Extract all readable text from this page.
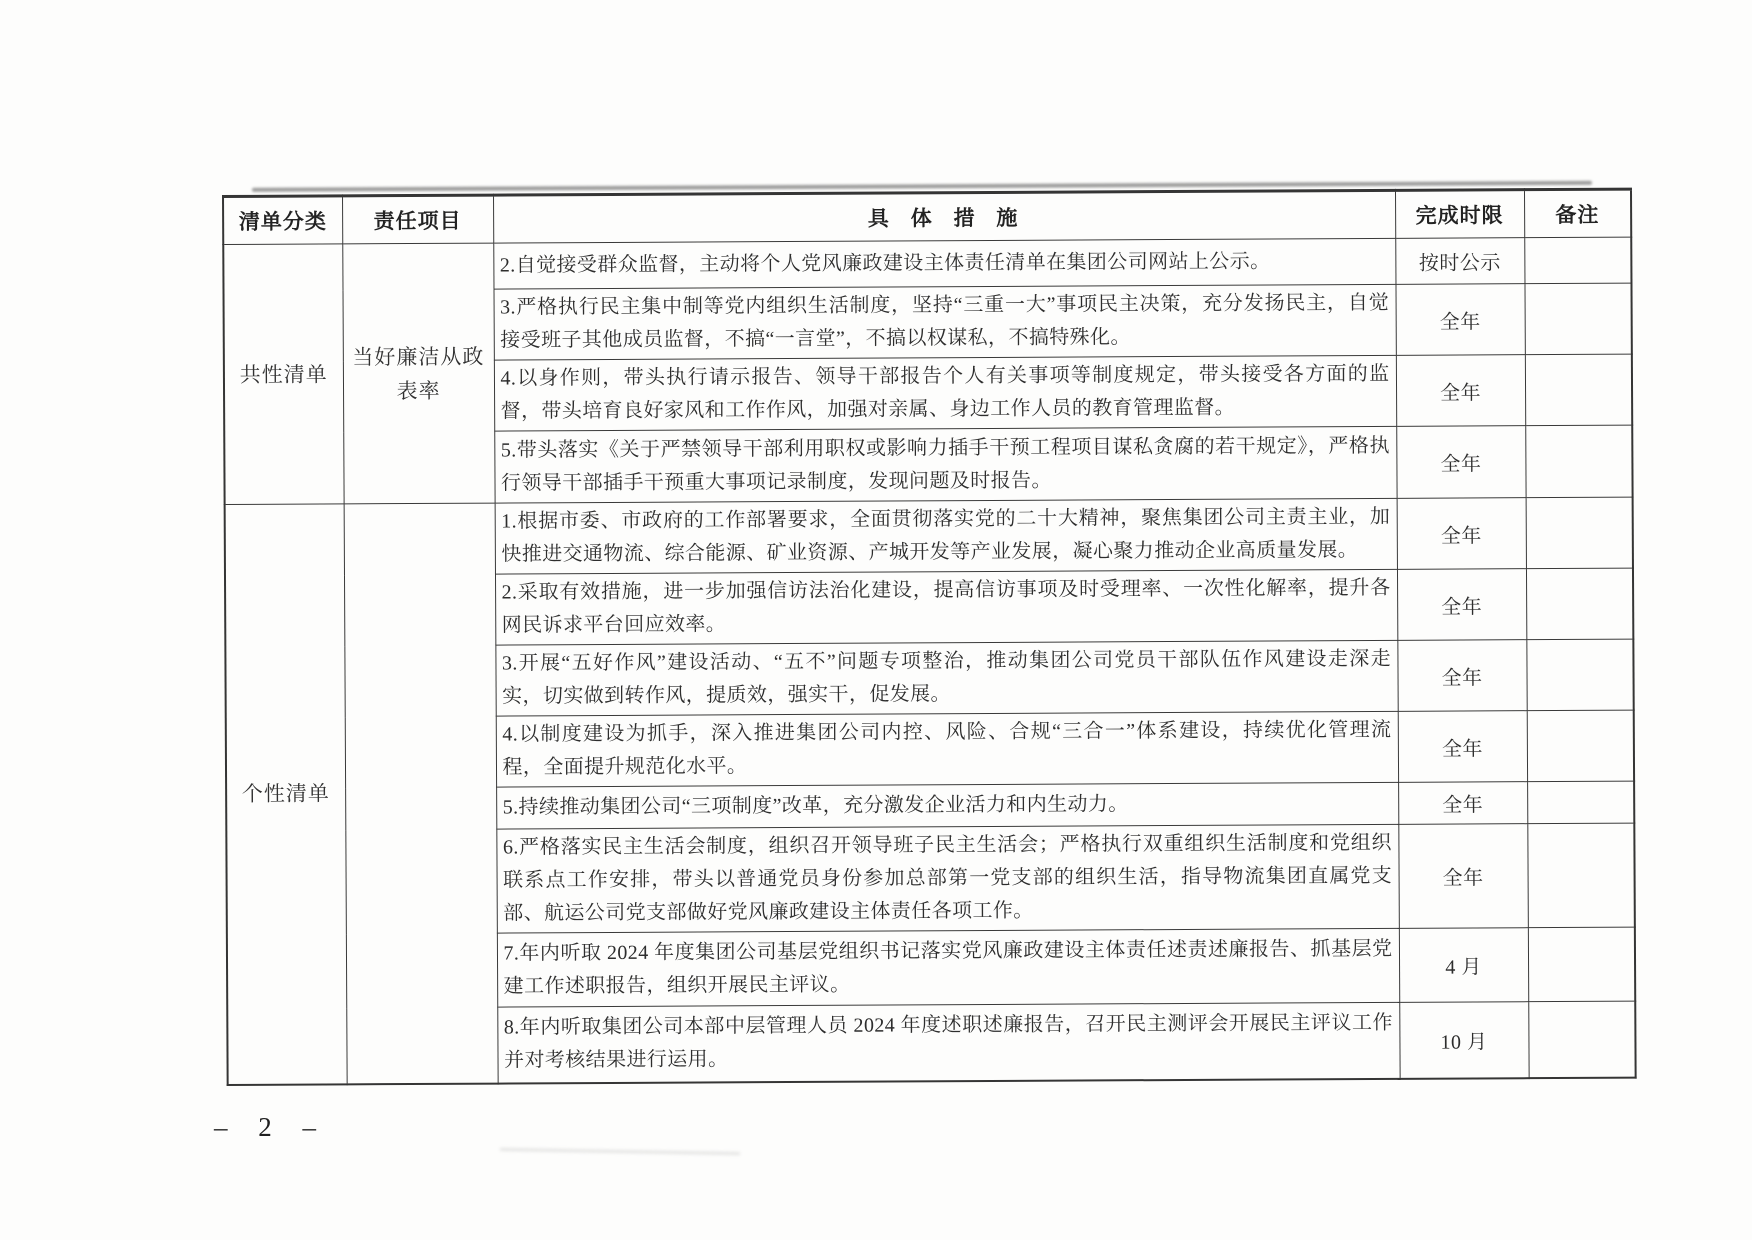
清单分类	责任项目	具 体 措 施	完成时限	备注
共性清单	当好廉洁从政表率	2.自觉接受群众监督，主动将个人党风廉政建设主体责任清单在集团公司网站上公示。	按时公示	
		3.严格执行民主集中制等党内组织生活制度，坚持“三重一大”事项民主决策，充分发扬民主，自觉接受班子其他成员监督，不搞“一言堂”，不搞以权谋私，不搞特殊化。	全年	
		4.以身作则，带头执行请示报告、领导干部报告个人有关事项等制度规定，带头接受各方面的监督，带头培育良好家风和工作作风，加强对亲属、身边工作人员的教育管理监督。	全年	
		5.带头落实《关于严禁领导干部利用职权或影响力插手干预工程项目谋私贪腐的若干规定》，严格执行领导干部插手干预重大事项记录制度，发现问题及时报告。	全年	
个性清单		1.根据市委、市政府的工作部署要求，全面贯彻落实党的二十大精神，聚焦集团公司主责主业，加快推进交通物流、综合能源、矿业资源、产城开发等产业发展，凝心聚力推动企业高质量发展。	全年	
		2.采取有效措施，进一步加强信访法治化建设，提高信访事项及时受理率、一次性化解率，提升各网民诉求平台回应效率。	全年	
		3.开展“五好作风”建设活动、“五不”问题专项整治，推动集团公司党员干部队伍作风建设走深走实，切实做到转作风，提质效，强实干，促发展。	全年	
		4.以制度建设为抓手，深入推进集团公司内控、风险、合规“三合一”体系建设，持续优化管理流程，全面提升规范化水平。	全年	
		5.持续推动集团公司“三项制度”改革，充分激发企业活力和内生动力。	全年	
		6.严格落实民主生活会制度，组织召开领导班子民主生活会；严格执行双重组织生活制度和党组织联系点工作安排，带头以普通党员身份参加总部第一党支部的组织生活，指导物流集团直属党支部、航运公司党支部做好党风廉政建设主体责任各项工作。	全年	
		7.年内听取 2024 年度集团公司基层党组织书记落实党风廉政建设主体责任述责述廉报告、抓基层党建工作述职报告，组织开展民主评议。	4 月	
		8.年内听取集团公司本部中层管理人员 2024 年度述职述廉报告，召开民主测评会开展民主评议工作并对考核结果进行运用。	10 月	
– 2 –
